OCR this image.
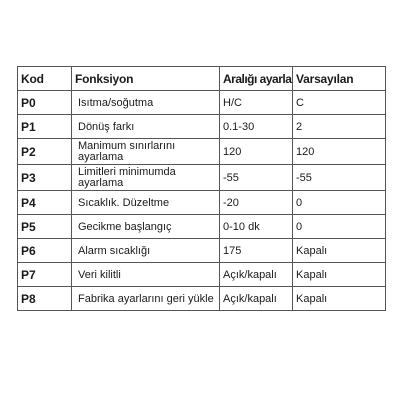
Kod	Fonksiyon	Aralığı ayarla	Varsayılan
P0	Isıtma/soğutma	H/C	C
P1	Dönüş farkı	0.1-30	2
P2	Manimum sınırlarını ayarlama	120	120
P3	Limitleri minimumda ayarlama	-55	-55
P4	Sıcaklık. Düzeltme	-20	0
P5	Gecikme başlangıç	0-10 dk	0
P6	Alarm sıcaklığı	175	Kapalı
P7	Veri kilitli	Açık/kapalı	Kapalı
P8	Fabrika ayarlarını geri yükle	Açık/kapalı	Kapalı
